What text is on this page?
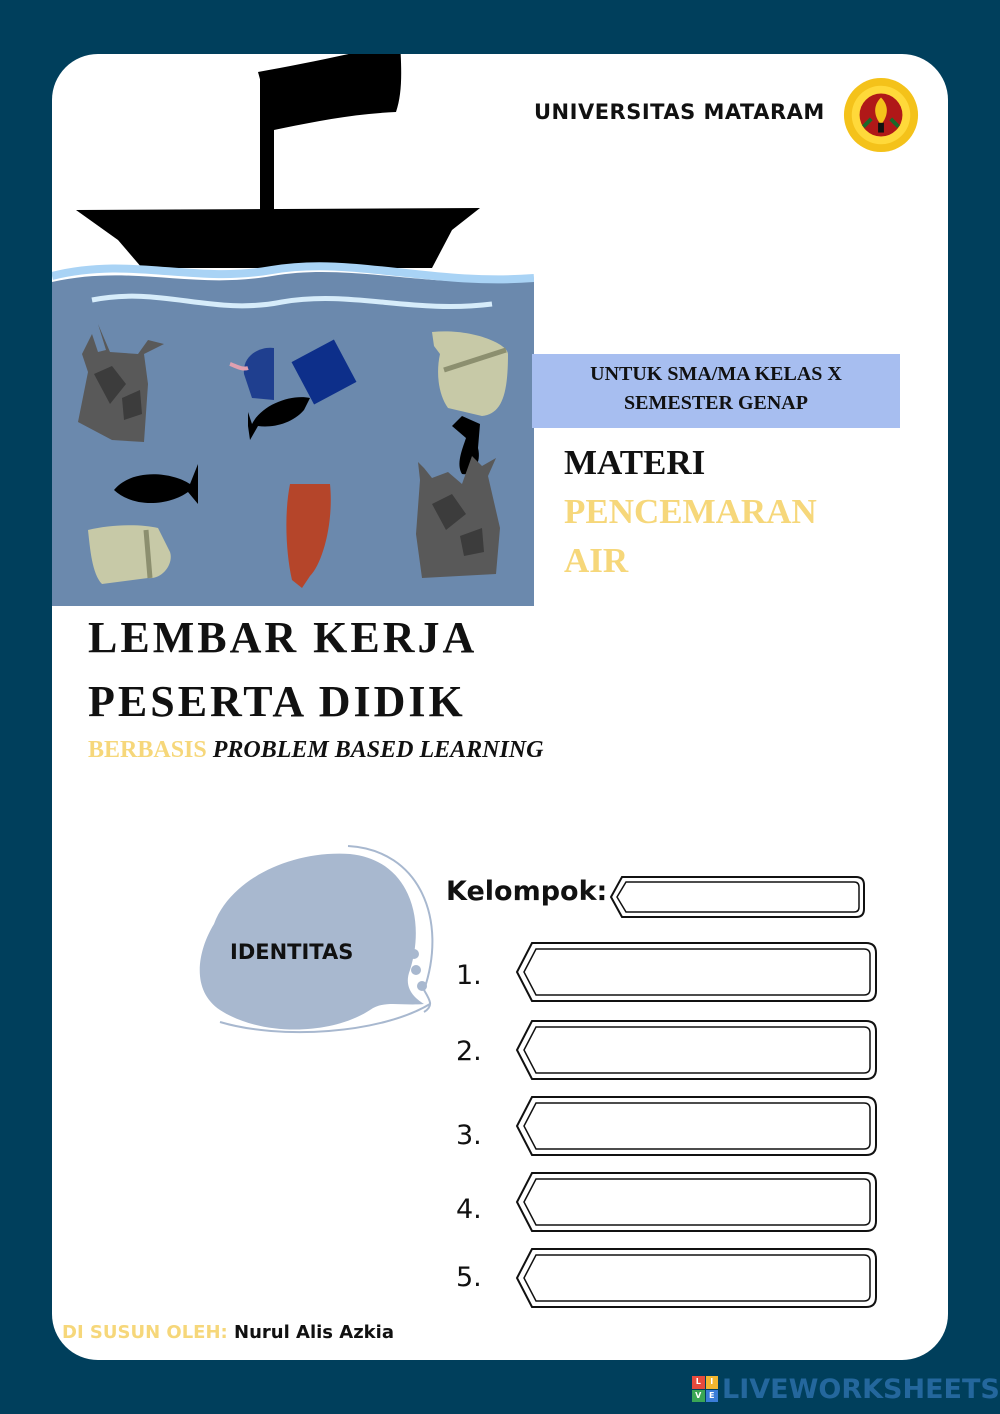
UNIVERSITAS MATARAM
UNTUK SMA/MA KELAS X
SEMESTER GENAP
MATERI
PENCEMARAN
AIR
LEMBAR KERJA
PESERTA DIDIK
BERBASIS PROBLEM BASED LEARNING
IDENTITAS
Kelompok:
1.
2.
3.
4.
5.
DI SUSUN OLEH: Nurul Alis Azkia
L	I
V E LIVEWORKSHEETS
